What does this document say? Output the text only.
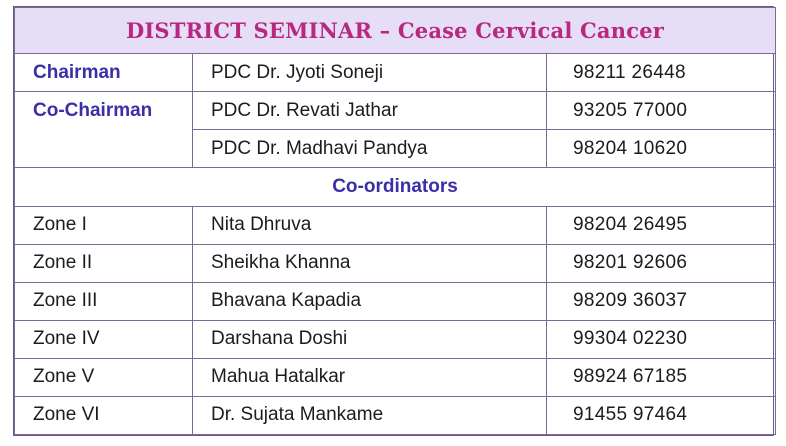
DISTRICT SEMINAR – Cease Cervical Cancer		
Chairman	PDC Dr. Jyoti Soneji	98211 26448
Co-Chairman	PDC Dr. Revati Jathar	93205 77000
	PDC Dr. Madhavi Pandya	98204 10620
Co-ordinators		
Zone I	Nita Dhruva	98204 26495
Zone II	Sheikha Khanna	98201 92606
Zone III	Bhavana Kapadia	98209 36037
Zone IV	Darshana Doshi	99304 02230
Zone V	Mahua Hatalkar	98924 67185
Zone VI	Dr. Sujata Mankame	91455 97464
